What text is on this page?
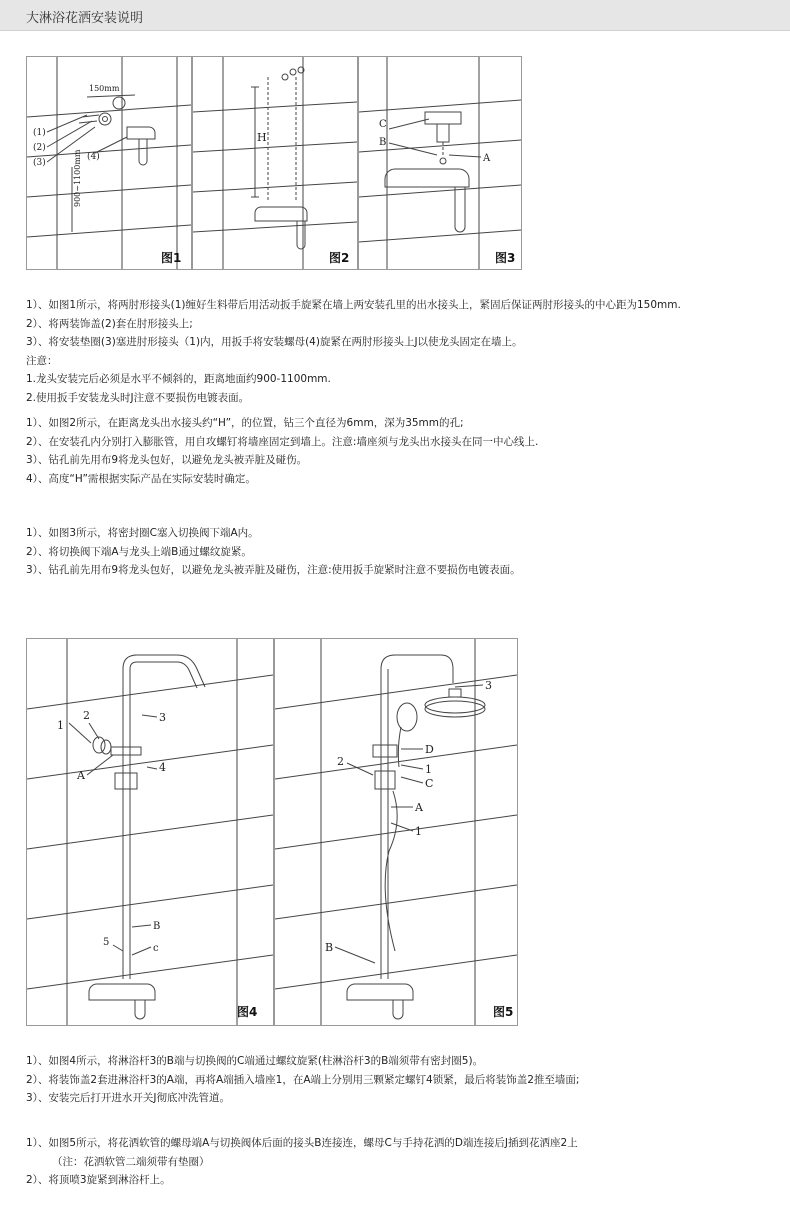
大淋浴花洒安装说明
150mm
900~1100mm
(1)
(2)
(3)
(4)
图1
H
图2
C
B
A
图3
1）、如图1所示，将两肘形接头(1)缠好生料带后用活动扳手旋紧在墙上两安装孔里的出水接头上，紧固后保证两肘形接头的中心距为150mm.
2）、将两装饰盖(2)套在肘形接头上;
3）、将安装垫圈(3)塞进肘形接头（1)内，用扳手将安装螺母(4)旋紧在两肘形接头上J以使龙头固定在墙上。
注意：
1.龙头安装完后必须是水平不倾斜的，距离地面约900-1100mm.
2.使用扳手安装龙头时J注意不要损伤电镀表面。
1）、如图2所示，在距离龙头出水接头约“H”，的位置，钻三个直径为6mm，深为35mm的孔;
2）、在安装孔内分别打入膨胀管，用自攻螺钉将墙座固定到墙上。注意:墙座须与龙头出水接头在同一中心线上.
3）、钻孔前先用布9将龙头包好，以避免龙头被弄脏及碰伤。
4）、高度“H”需根据实际产品在实际安装时确定。
1）、如图3所示，将密封圈C塞入切换阀下端A内。
2）、将切换阀下端A与龙头上端B通过螺纹旋紧。
3）、钻孔前先用布9将龙头包好，以避免龙头被弄脏及碰伤，注意:使用扳手旋紧时注意不要损伤电镀表面。
1
2	3
A
4
B
5
c
图4
3
2
D
1
C
A
1
B
图5
1）、如图4所示，将淋浴杆3的B端与切换阀的C端通过螺纹旋紧(柱淋浴杆3的B端须带有密封圈5)。
2）、将装饰盖2套进淋浴杆3的A端，再将A端插入墙座1，在A端上分别用三颗紧定螺钉4锁紧，最后将装饰盖2推至墙面;
3）、安装完后打开进水开关J彻底冲洗管道。
1）、如图5所示，将花洒软管的螺母端A与切换阀体后面的接头B连接连，螺母C与手持花洒的D端连接后J插到花洒座2上
（注：花洒软管二端须带有垫圈）
2）、将顶喷3旋紧到淋浴杆上。
